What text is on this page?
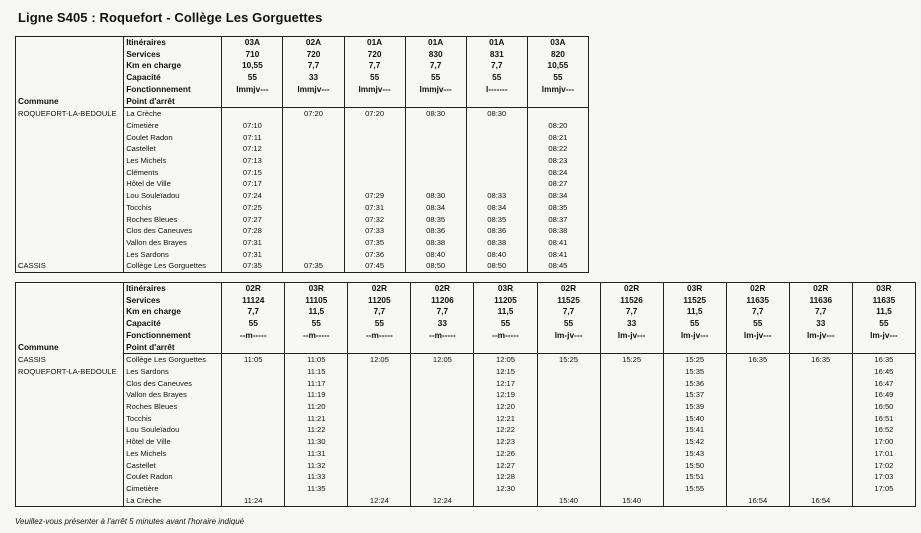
Ligne S405 : Roquefort - Collège Les Gorguettes
Commune	Itinéraires	03A	02A	01A	01A	01A	03A
	Services	710	720	720	830	831	820
	Km en charge	10,55	7,7	7,7	7,7	7,7	10,55
	Capacité	55	33	55	55	55	55
	Fonctionnement	lmmjv---	lmmjv---	lmmjv---	lmmjv---	l-------	lmmjv---
	Point d'arrêt						
ROQUEFORT-LA-BEDOULE	La Crèche		07:20	07:20	08:30	08:30	
	Cimetière	07:10					08:20
	Coulet Radon	07:11					08:21
	Castellet	07:12					08:22
	Les Michels	07:13					08:23
	Cléments	07:15					08:24
	Hôtel de Ville	07:17					08:27
	Lou Souleïadou	07:24		07:29	08:30	08:33	08:34
	Tocchis	07:25		07:31	08:34	08:34	08:35
	Roches Bleues	07:27		07:32	08:35	08:35	08:37
	Clos des Caneuves	07:28		07:33	08:36	08:36	08:38
	Vallon des Brayes	07:31		07:35	08:38	08:38	08:41
	Les Sardons	07:31		07:36	08:40	08:40	08:41
CASSIS	Collège Les Gorguettes	07:35	07:35	07:45	08:50	08:50	08:45
Commune	Itinéraires	02R	03R	02R	02R	03R	02R	02R	03R	02R	02R	03R
	Services	11124	11105	11205	11206	11205	11525	11526	11525	11635	11636	11635
	Km en charge	7,7	11,5	7,7	7,7	11,5	7,7	7,7	11,5	7,7	7,7	11,5
	Capacité	55	55	55	33	55	55	33	55	55	33	55
	Fonctionnement	--m-----	--m-----	--m-----	--m-----	--m-----	lm-jv---	lm-jv---	lm-jv---	lm-jv---	lm-jv---	lm-jv---
	Point d'arrêt											
CASSIS	Collège Les Gorguettes	11:05	11:05	12:05	12:05	12:05	15:25	15:25	15:25	16:35	16:35	16:35
ROQUEFORT-LA-BEDOULE	Les Sardons		11:15			12:15			15:35			16:45
	Clos des Caneuves		11:17			12:17			15:36			16:47
	Vallon des Brayes		11:19			12:19			15:37			16:49
	Roches Bleues		11:20			12:20			15:39			16:50
	Tocchis		11:21			12:21			15:40			16:51
	Lou Souleïadou		11:22			12:22			15:41			16:52
	Hôtel de Ville		11:30			12:23			15:42			17:00
	Les Michels		11:31			12:26			15:43			17:01
	Castellet		11:32			12:27			15:50			17:02
	Coulet Radon		11:33			12:28			15:51			17:03
	Cimetière		11:35			12:30			15:55			17:05
	La Crèche	11:24		12:24	12:24		15:40	15:40		16:54	16:54	
Veuillez-vous présenter à l'arrêt 5 minutes avant l'horaire indiqué
